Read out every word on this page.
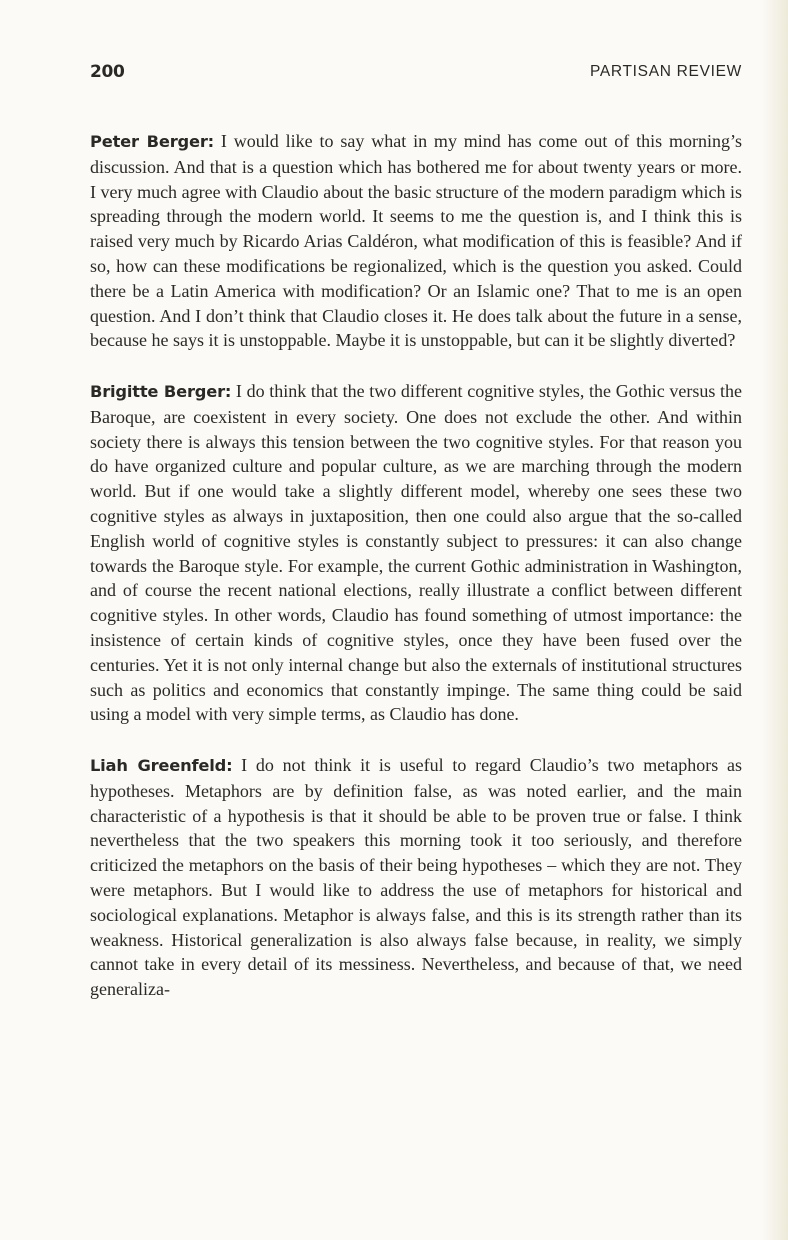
200	PARTISAN REVIEW

Peter Berger: I would like to say what in my mind has come out of this morning’s discussion. And that is a question which has bothered me for about twenty years or more. I very much agree with Claudio about the basic structure of the modern paradigm which is spreading through the modern world. It seems to me the question is, and I think this is raised very much by Ricardo Arias Caldéron, what modification of this is feasible? And if so, how can these modifications be regionalized, which is the question you asked. Could there be a Latin America with modification? Or an Islamic one? That to me is an open question. And I don’t think that Claudio closes it. He does talk about the future in a sense, because he says it is unstoppable. Maybe it is unstoppable, but can it be slightly diverted?

Brigitte Berger: I do think that the two different cognitive styles, the Gothic versus the Baroque, are coexistent in every society. One does not exclude the other. And within society there is always this tension between the two cognitive styles. For that reason you do have organized culture and popular culture, as we are marching through the modern world. But if one would take a slightly different model, whereby one sees these two cognitive styles as always in juxtaposition, then one could also argue that the so-called English world of cognitive styles is constantly subject to pressures: it can also change towards the Baroque style. For example, the current Gothic administration in Washington, and of course the recent national elections, really illustrate a conflict between different cognitive styles. In other words, Claudio has found something of utmost importance: the insistence of certain kinds of cognitive styles, once they have been fused over the centuries. Yet it is not only internal change but also the externals of institutional structures such as politics and economics that constantly impinge. The same thing could be said using a model with very simple terms, as Claudio has done.

Liah Greenfeld: I do not think it is useful to regard Claudio’s two metaphors as hypotheses. Metaphors are by definition false, as was noted earlier, and the main characteristic of a hypothesis is that it should be able to be proven true or false. I think nevertheless that the two speakers this morning took it too seriously, and therefore criticized the metaphors on the basis of their being hypotheses – which they are not. They were metaphors. But I would like to address the use of metaphors for historical and sociological explanations. Metaphor is always false, and this is its strength rather than its weakness. Historical generalization is also always false because, in reality, we simply cannot take in every detail of its messiness. Nevertheless, and because of that, we need generaliza-
